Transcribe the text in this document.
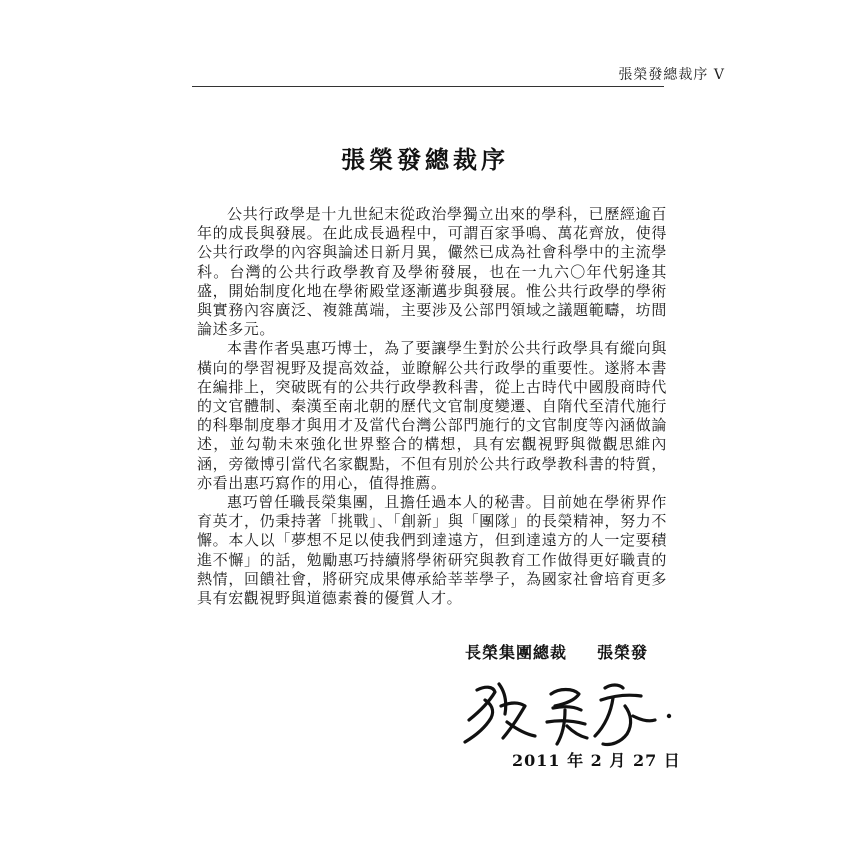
張榮發總裁序 V
張榮發總裁序

公共行政學是十九世紀末從政治學獨立出來的學科，已歷經逾百年的成長與發展。在此成長過程中，可謂百家爭鳴、萬花齊放，使得公共行政學的內容與論述日新月異，儼然已成為社會科學中的主流學科。台灣的公共行政學教育及學術發展，也在一九六〇年代躬逢其盛，開始制度化地在學術殿堂逐漸邁步與發展。惟公共行政學的學術與實務內容廣泛、複雜萬端，主要涉及公部門領域之議題範疇，坊間論述多元。

本書作者吳惠巧博士，為了要讓學生對於公共行政學具有縱向與橫向的學習視野及提高效益，並瞭解公共行政學的重要性。遂將本書在編排上，突破既有的公共行政學教科書，從上古時代中國殷商時代的文官體制、秦漢至南北朝的歷代文官制度變遷、自隋代至清代施行的科舉制度舉才與用才及當代台灣公部門施行的文官制度等內涵做論述，並勾勒未來強化世界整合的構想，具有宏觀視野與微觀思維內涵，旁徵博引當代名家觀點，不但有別於公共行政學教科書的特質，亦看出惠巧寫作的用心，值得推薦。

惠巧曾任職長榮集團，且擔任過本人的秘書。目前她在學術界作育英才，仍秉持著「挑戰」、「創新」與「團隊」的長榮精神，努力不懈。本人以「夢想不足以使我們到達遠方，但到達遠方的人一定要積進不懈」的話，勉勵惠巧持續將學術研究與教育工作做得更好職責的熱情，回饋社會，將研究成果傳承給莘莘學子，為國家社會培育更多具有宏觀視野與道德素養的優質人才。

長榮集團總裁 張榮發
2011 年 2 月 27 日
